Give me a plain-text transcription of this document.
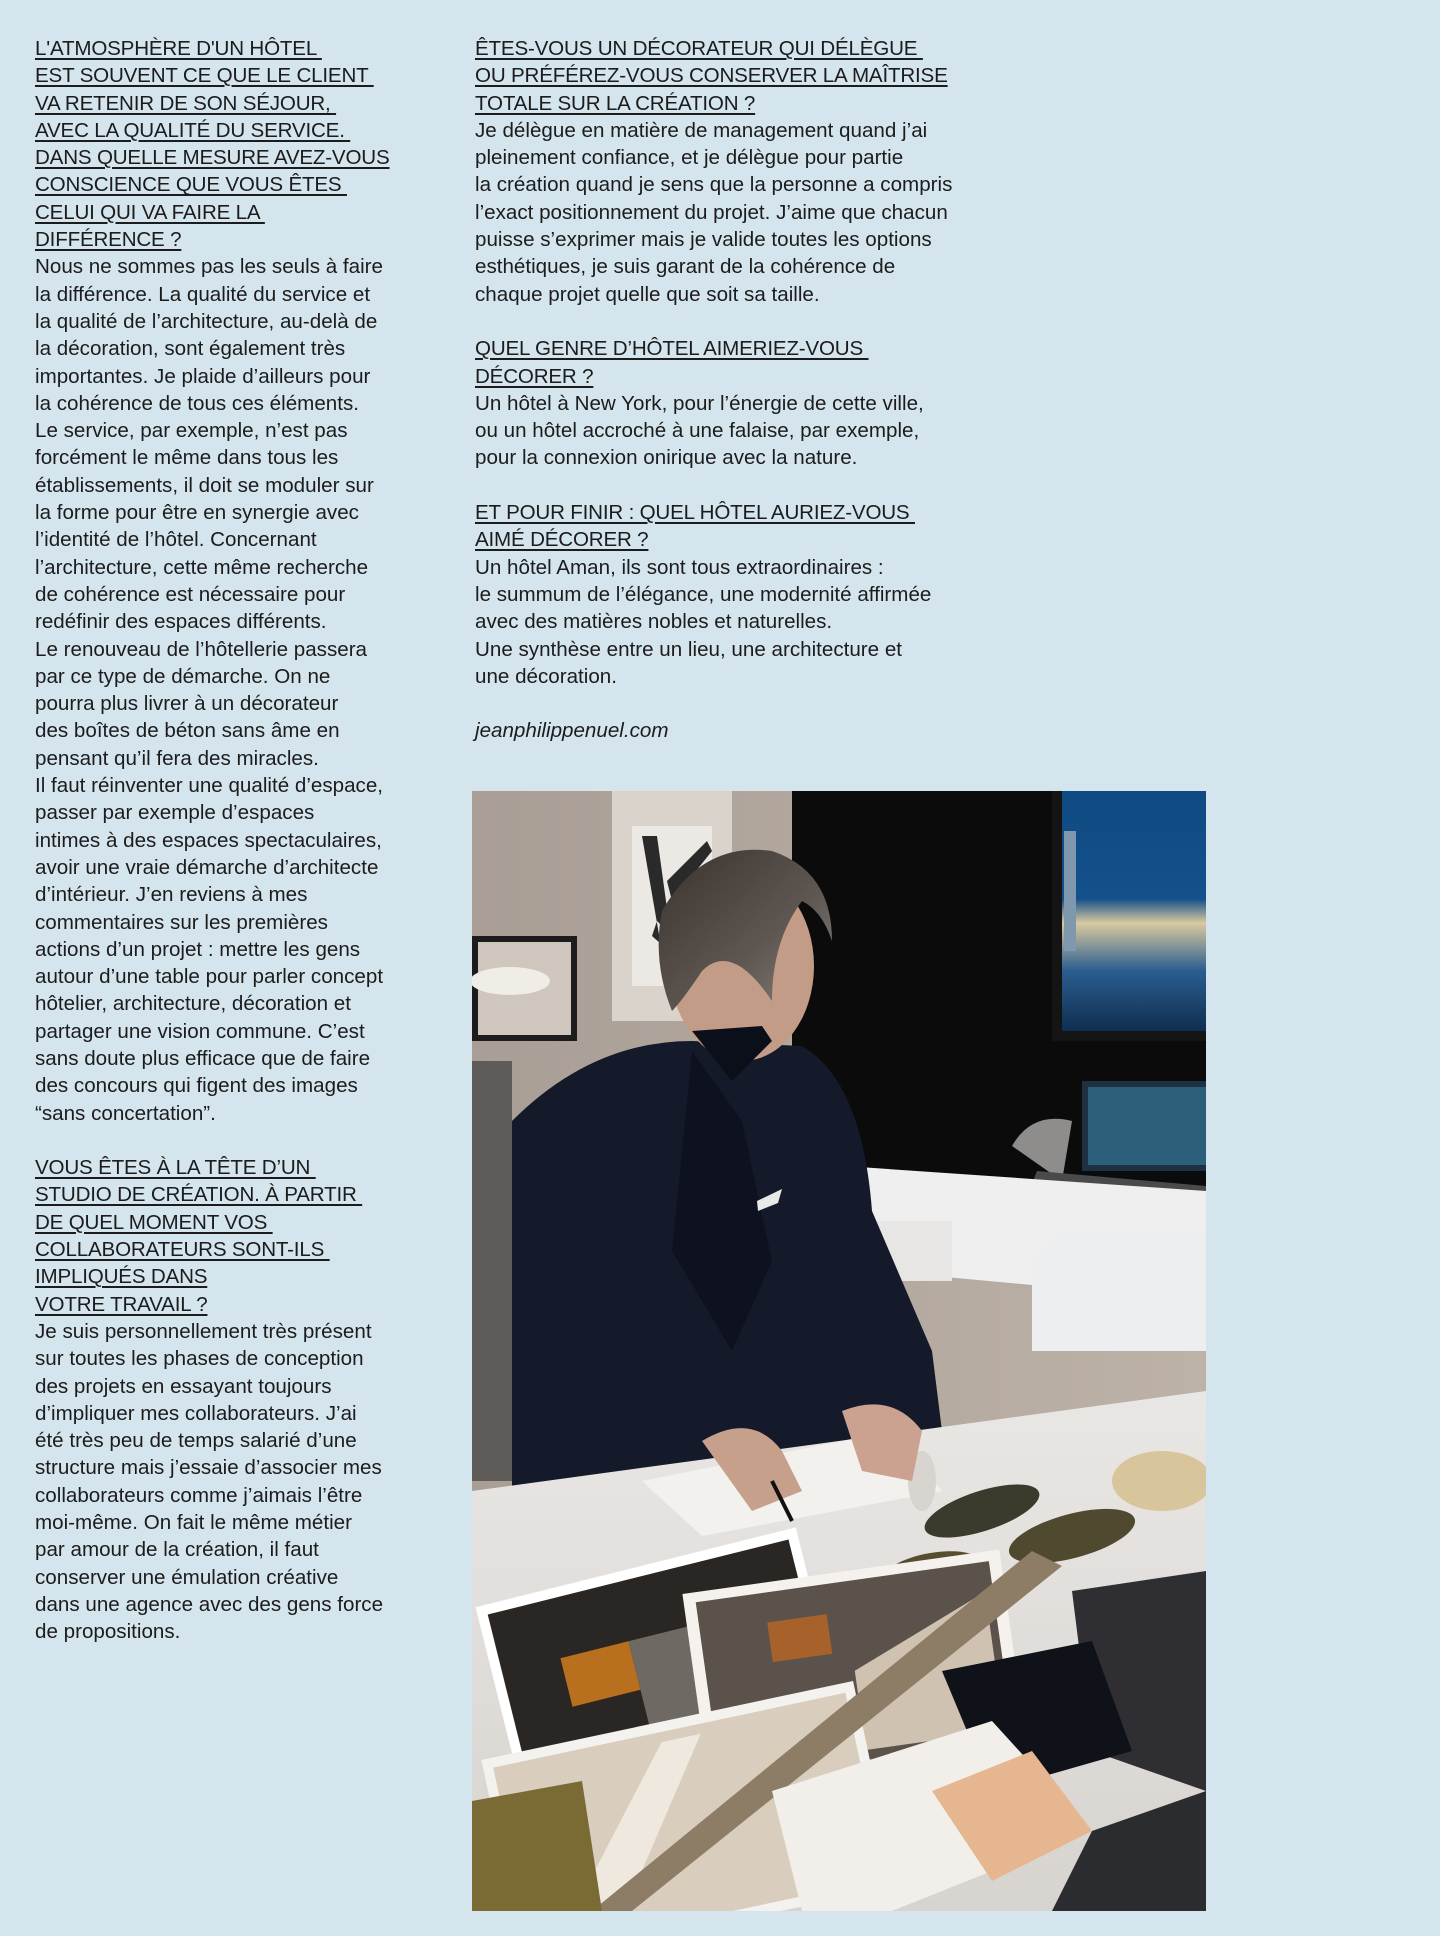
L'ATMOSPHÈRE D'UN HÔTEL
EST SOUVENT CE QUE LE CLIENT
VA RETENIR DE SON SÉJOUR,
AVEC LA QUALITÉ DU SERVICE.
DANS QUELLE MESURE AVEZ-VOUS
CONSCIENCE QUE VOUS ÊTES
CELUI QUI VA FAIRE LA
DIFFÉRENCE ?

Nous ne sommes pas les seuls à faire
la différence. La qualité du service et
la qualité de l’architecture, au-delà de
la décoration, sont également très
importantes. Je plaide d’ailleurs pour
la cohérence de tous ces éléments.
Le service, par exemple, n’est pas
forcément le même dans tous les
établissements, il doit se moduler sur
la forme pour être en synergie avec
l’identité de l’hôtel. Concernant
l’architecture, cette même recherche
de cohérence est nécessaire pour
redéfinir des espaces différents.
Le renouveau de l’hôtellerie passera
par ce type de démarche. On ne
pourra plus livrer à un décorateur
des boîtes de béton sans âme en
pensant qu’il fera des miracles.
Il faut réinventer une qualité d’espace,
passer par exemple d’espaces
intimes à des espaces spectaculaires,
avoir une vraie démarche d’architecte
d’intérieur. J’en reviens à mes
commentaires sur les premières
actions d’un projet : mettre les gens
autour d’une table pour parler concept
hôtelier, architecture, décoration et
partager une vision commune. C’est
sans doute plus efficace que de faire
des concours qui figent des images
“sans concertation”.

VOUS ÊTES À LA TÊTE D’UN
STUDIO DE CRÉATION. À PARTIR
DE QUEL MOMENT VOS
COLLABORATEURS SONT-ILS
IMPLIQUÉS DANS
VOTRE TRAVAIL ?

Je suis personnellement très présent
sur toutes les phases de conception
des projets en essayant toujours
d’impliquer mes collaborateurs. J’ai
été très peu de temps salarié d’une
structure mais j’essaie d’associer mes
collaborateurs comme j’aimais l’être
moi-même. On fait le même métier
par amour de la création, il faut
conserver une émulation créative
dans une agence avec des gens force
de propositions.

ÊTES-VOUS UN DÉCORATEUR QUI DÉLÈGUE
OU PRÉFÉREZ-VOUS CONSERVER LA MAÎTRISE
TOTALE SUR LA CRÉATION ?

Je délègue en matière de management quand j’ai
pleinement confiance, et je délègue pour partie
la création quand je sens que la personne a compris
l’exact positionnement du projet. J’aime que chacun
puisse s’exprimer mais je valide toutes les options
esthétiques, je suis garant de la cohérence de
chaque projet quelle que soit sa taille.

QUEL GENRE D’HÔTEL AIMERIEZ-VOUS
DÉCORER ?

Un hôtel à New York, pour l’énergie de cette ville,
ou un hôtel accroché à une falaise, par exemple,
pour la connexion onirique avec la nature.

ET POUR FINIR : QUEL HÔTEL AURIEZ-VOUS
AIMÉ DÉCORER ?

Un hôtel Aman, ils sont tous extraordinaires :
le summum de l’élégance, une modernité affirmée
avec des matières nobles et naturelles.
Une synthèse entre un lieu, une architecture et
une décoration.

jeanphilippenuel.com
